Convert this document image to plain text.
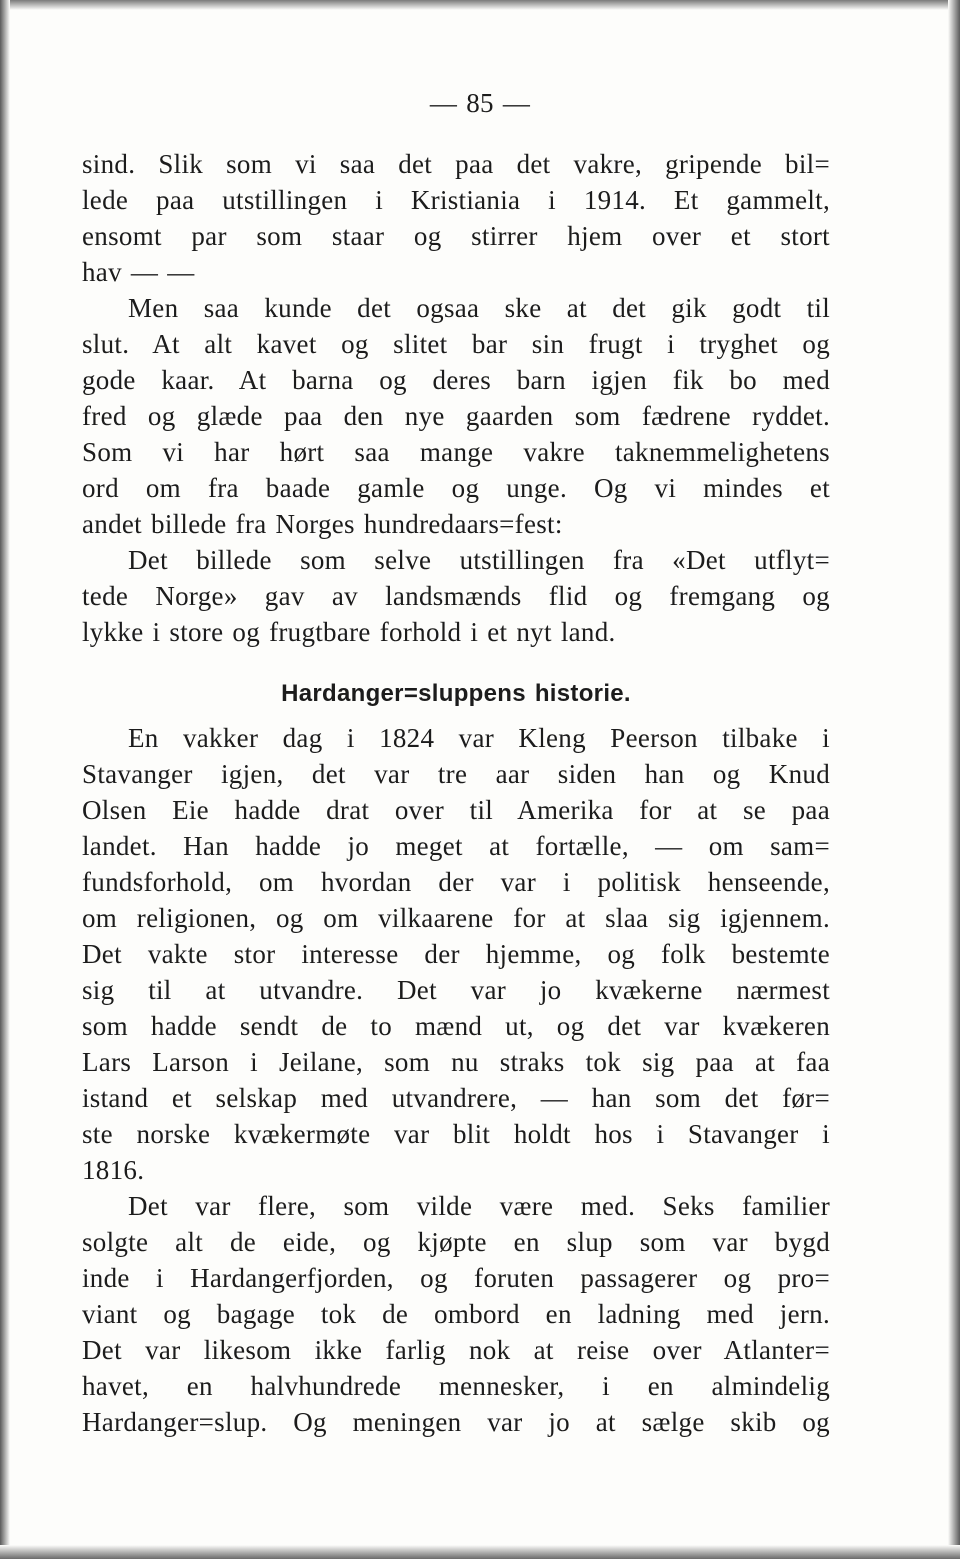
— 85 —
sind. Slik som vi saa det paa det vakre, gripende bil=
lede paa utstillingen i Kristiania i 1914. Et gammelt,
ensomt par som staar og stirrer hjem over et stort
hav — —
Men saa kunde det ogsaa ske at det gik godt til
slut. At alt kavet og slitet bar sin frugt i tryghet og
gode kaar. At barna og deres barn igjen fik bo med
fred og glæde paa den nye gaarden som fædrene ryddet.
Som vi har hørt saa mange vakre taknemmelighetens
ord om fra baade gamle og unge. Og vi mindes et
andet billede fra Norges hundredaars=fest:
Det billede som selve utstillingen fra «Det utflyt=
tede Norge» gav av landsmænds flid og fremgang og
lykke i store og frugtbare forhold i et nyt land.
Hardanger=sluppens historie.
En vakker dag i 1824 var Kleng Peerson tilbake i
Stavanger igjen, det var tre aar siden han og Knud
Olsen Eie hadde drat over til Amerika for at se paa
landet. Han hadde jo meget at fortælle, — om sam=
fundsforhold, om hvordan der var i politisk henseende,
om religionen, og om vilkaarene for at slaa sig igjennem.
Det vakte stor interesse der hjemme, og folk bestemte
sig til at utvandre. Det var jo kvækerne nærmest
som hadde sendt de to mænd ut, og det var kvækeren
Lars Larson i Jeilane, som nu straks tok sig paa at faa
istand et selskap med utvandrere, — han som det før=
ste norske kvækermøte var blit holdt hos i Stavanger i
1816.
Det var flere, som vilde være med. Seks familier
solgte alt de eide, og kjøpte en slup som var bygd
inde i Hardangerfjorden, og foruten passagerer og pro=
viant og bagage tok de ombord en ladning med jern.
Det var likesom ikke farlig nok at reise over Atlanter=
havet, en halvhundrede mennesker, i en almindelig
Hardanger=slup. Og meningen var jo at sælge skib og
